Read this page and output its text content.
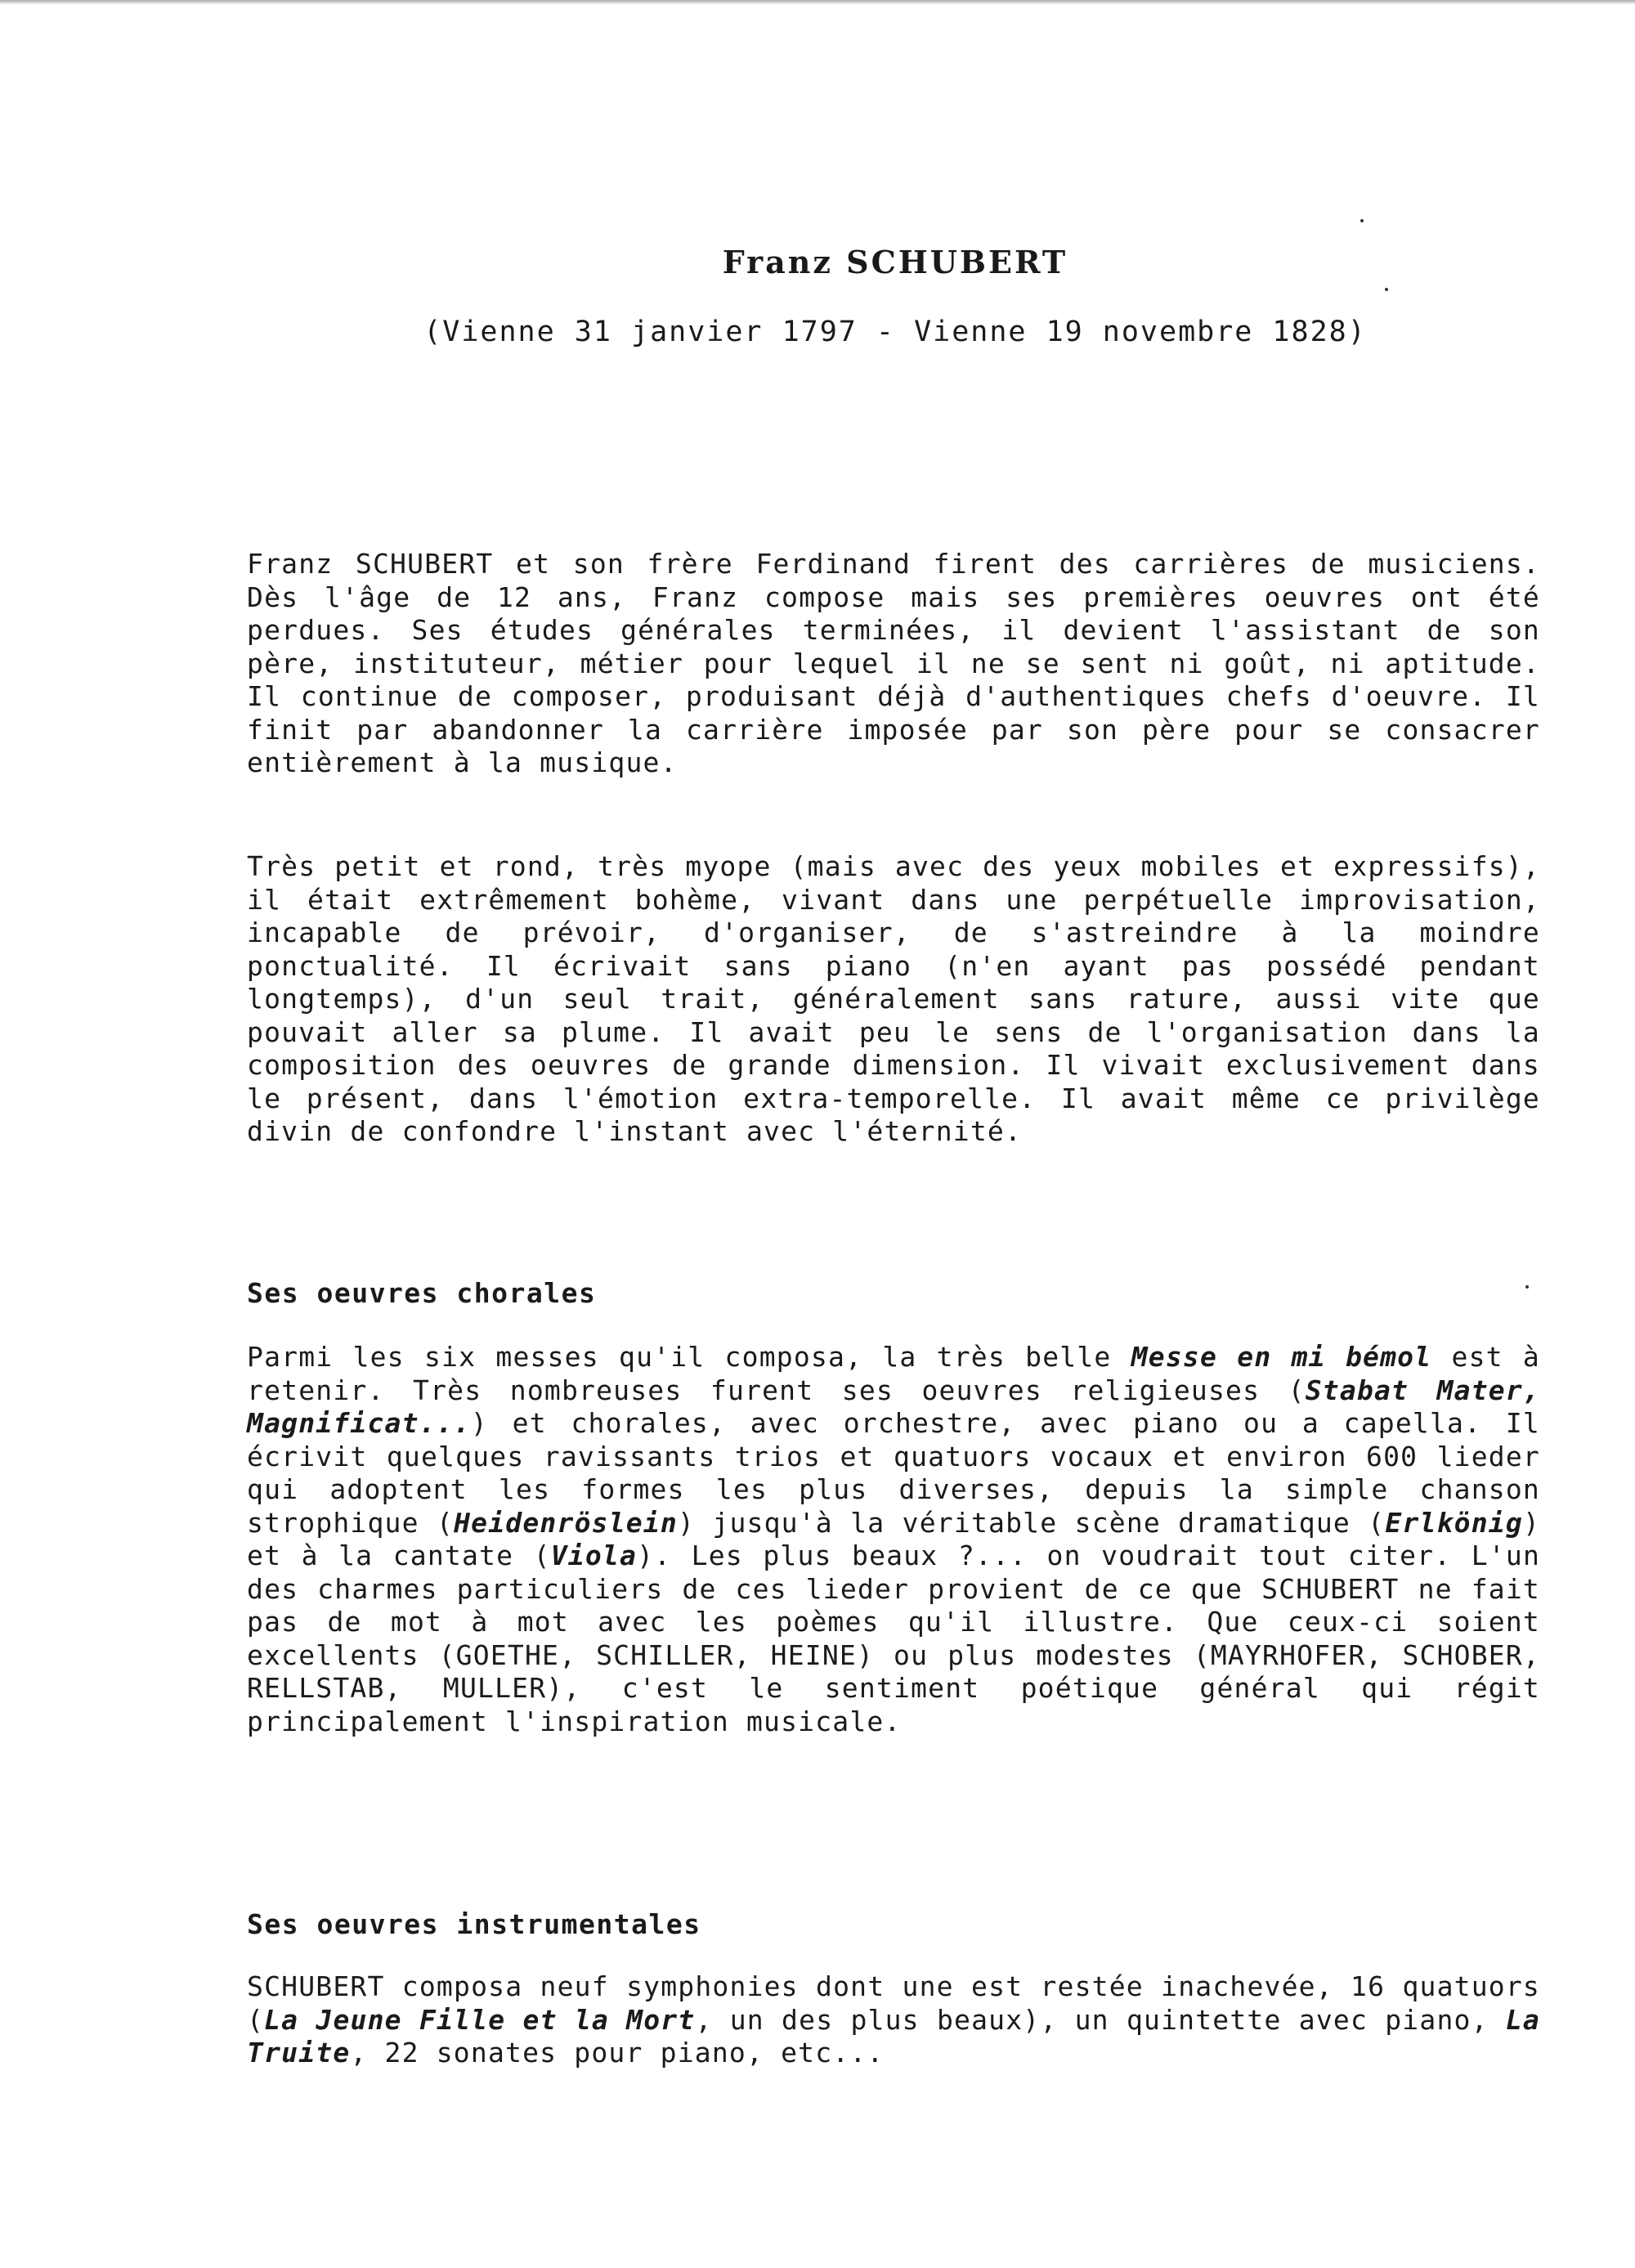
Franz SCHUBERT

(Vienne 31 janvier 1797 - Vienne 19 novembre 1828)

Franz SCHUBERT et son frère Ferdinand firent des carrières de musiciens. Dès l'âge de 12 ans, Franz compose mais ses premières oeuvres ont été perdues. Ses études générales terminées, il devient l'assistant de son père, instituteur, métier pour lequel il ne se sent ni goût, ni aptitude. Il continue de composer, produisant déjà d'authentiques chefs d'oeuvre. Il finit par abandonner la carrière imposée par son père pour se consacrer entièrement à la musique.

Très petit et rond, très myope (mais avec des yeux mobiles et expressifs), il était extrêmement bohème, vivant dans une perpétuelle improvisation, incapable de prévoir, d'organiser, de s'astreindre à la moindre ponctualité. Il écrivait sans piano (n'en ayant pas possédé pendant longtemps), d'un seul trait, généralement sans rature, aussi vite que pouvait aller sa plume. Il avait peu le sens de l'organisation dans la composition des oeuvres de grande dimension. Il vivait exclusivement dans le présent, dans l'émotion extra-temporelle. Il avait même ce privilège divin de confondre l'instant avec l'éternité.

Ses oeuvres chorales

Parmi les six messes qu'il composa, la très belle Messe en mi bémol est à retenir. Très nombreuses furent ses oeuvres religieuses (Stabat Mater, Magnificat...) et chorales, avec orchestre, avec piano ou a capella. Il écrivit quelques ravissants trios et quatuors vocaux et environ 600 lieder qui adoptent les formes les plus diverses, depuis la simple chanson strophique (Heidenröslein) jusqu'à la véritable scène dramatique (Erlkönig) et à la cantate (Viola). Les plus beaux ?... on voudrait tout citer. L'un des charmes particuliers de ces lieder provient de ce que SCHUBERT ne fait pas de mot à mot avec les poèmes qu'il illustre. Que ceux-ci soient excellents (GOETHE, SCHILLER, HEINE) ou plus modestes (MAYRHOFER, SCHOBER, RELLSTAB, MULLER), c'est le sentiment poétique général qui régit principalement l'inspiration musicale.

Ses oeuvres instrumentales

SCHUBERT composa neuf symphonies dont une est restée inachevée, 16 quatuors (La Jeune Fille et la Mort, un des plus beaux), un quintette avec piano, La Truite, 22 sonates pour piano, etc...
